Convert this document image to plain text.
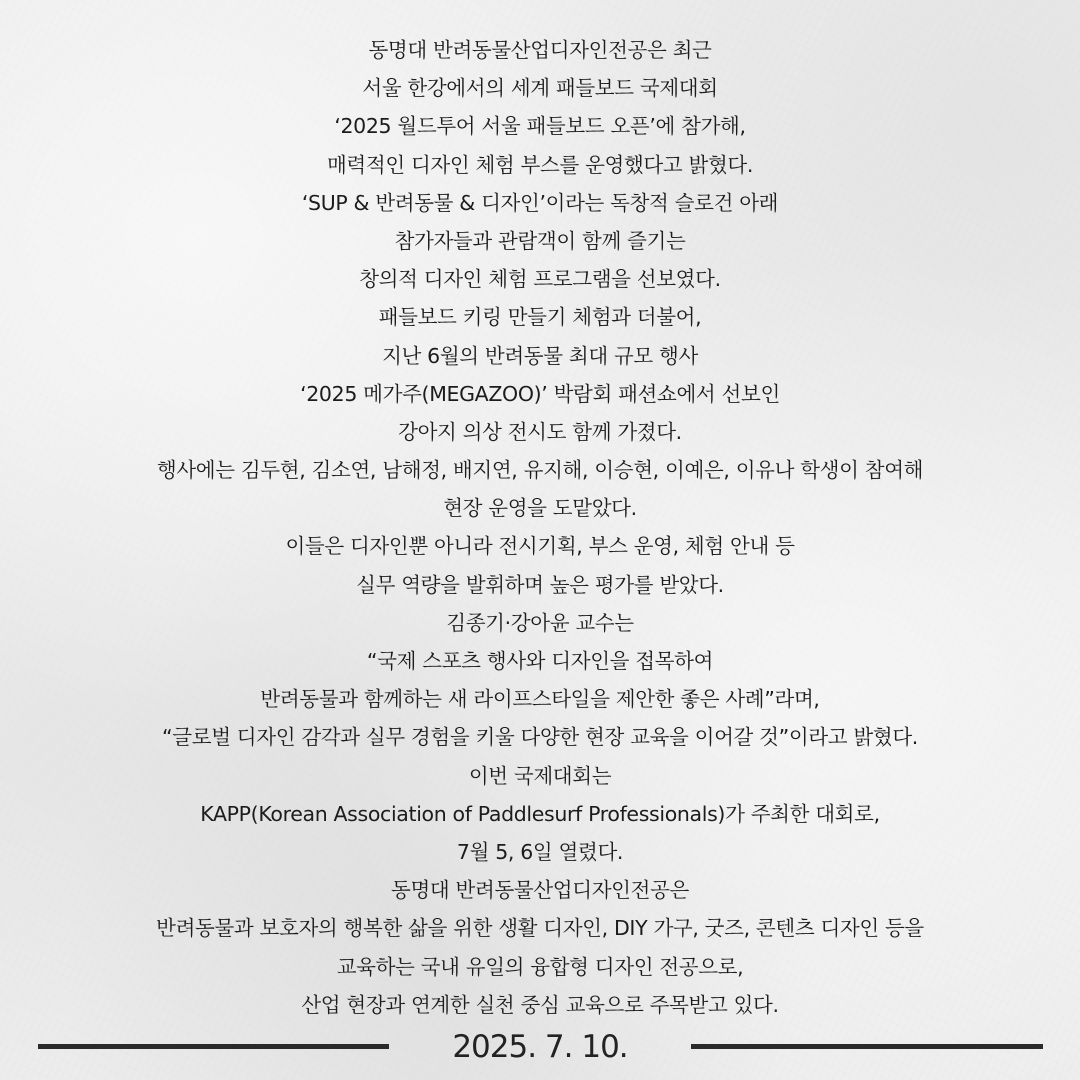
동명대 반려동물산업디자인전공은 최근
서울 한강에서의 세계 패들보드 국제대회
‘2025 월드투어 서울 패들보드 오픈’에 참가해,
매력적인 디자인 체험 부스를 운영했다고 밝혔다.
‘SUP & 반려동물 & 디자인’이라는 독창적 슬로건 아래
참가자들과 관람객이 함께 즐기는
창의적 디자인 체험 프로그램을 선보였다.
패들보드 키링 만들기 체험과 더불어,
지난 6월의 반려동물 최대 규모 행사
‘2025 메가주(MEGAZOO)’ 박람회 패션쇼에서 선보인
강아지 의상 전시도 함께 가졌다.
행사에는 김두현, 김소연, 남해정, 배지연, 유지해, 이승현, 이예은, 이유나 학생이 참여해
현장 운영을 도맡았다.
이들은 디자인뿐 아니라 전시기획, 부스 운영, 체험 안내 등
실무 역량을 발휘하며 높은 평가를 받았다.
김종기·강아윤 교수는
“국제 스포츠 행사와 디자인을 접목하여
반려동물과 함께하는 새 라이프스타일을 제안한 좋은 사례”라며,
“글로벌 디자인 감각과 실무 경험을 키울 다양한 현장 교육을 이어갈 것”이라고 밝혔다.
이번 국제대회는
KAPP(Korean Association of Paddlesurf Professionals)가 주최한 대회로,
7월 5, 6일 열렸다.
동명대 반려동물산업디자인전공은
반려동물과 보호자의 행복한 삶을 위한 생활 디자인, DIY 가구, 굿즈, 콘텐츠 디자인 등을
교육하는 국내 유일의 융합형 디자인 전공으로,
산업 현장과 연계한 실천 중심 교육으로 주목받고 있다.
2025. 7. 10.
